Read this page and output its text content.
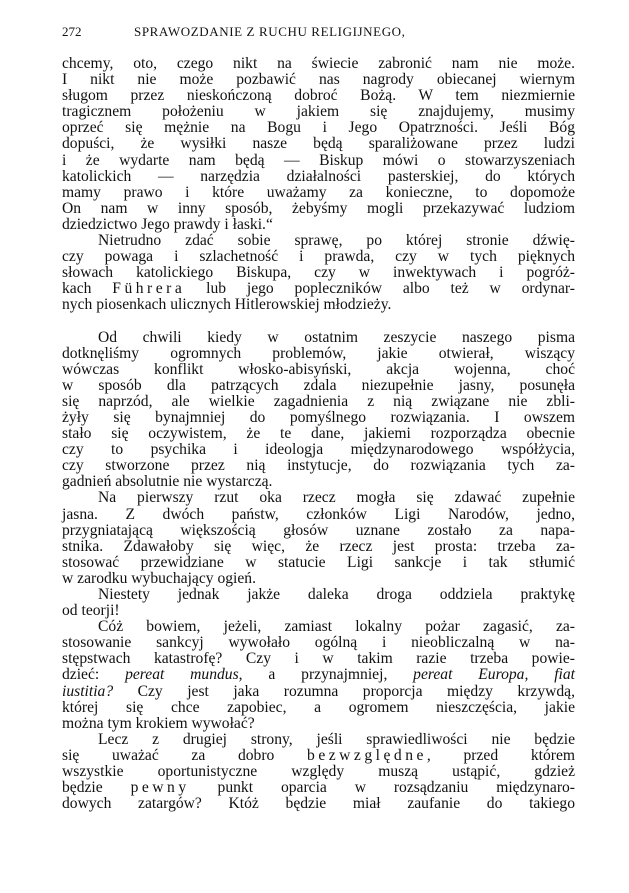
272	SPRAWOZDANIE Z RUCHU RELIGIJNEGO,
chcemy, oto, czego nikt na świecie zabronić nam nie może.
I nikt nie może pozbawić nas nagrody obiecanej wiernym
sługom przez nieskończoną dobroć Bożą. W tem niezmiernie
tragicznem położeniu w jakiem się znajdujemy, musimy
oprzeć się mężnie na Bogu i Jego Opatrzności. Jeśli Bóg
dopuści, że wysiłki nasze będą sparaliżowane przez ludzi
i że wydarte nam będą — Biskup mówi o stowarzyszeniach
katolickich — narzędzia działalności pasterskiej, do których
mamy prawo i które uważamy za konieczne, to dopomoże
On nam w inny sposób, żebyśmy mogli przekazywać ludziom
dziedzictwo Jego prawdy i łaski.“
Nietrudno zdać sobie sprawę, po której stronie dźwię-
czy powaga i szlachetność i prawda, czy w tych pięknych
słowach katolickiego Biskupa, czy w inwektywach i pogróż-
kach Führera lub jego popleczników albo też w ordynar-
nych piosenkach ulicznych Hitlerowskiej młodzieży.
Od chwili kiedy w ostatnim zeszycie naszego pisma
dotknęliśmy ogromnych problemów, jakie otwierał, wiszący
wówczas konflikt włosko-abisyński, akcja wojenna, choć
w sposób dla patrzących zdala niezupełnie jasny, posunęła
się naprzód, ale wielkie zagadnienia z nią związane nie zbli-
żyły się bynajmniej do pomyślnego rozwiązania. I owszem
stało się oczywistem, że te dane, jakiemi rozporządza obecnie
czy to psychika i ideologja międzynarodowego współżycia,
czy stworzone przez nią instytucje, do rozwiązania tych za-
gadnień absolutnie nie wystarczą.
Na pierwszy rzut oka rzecz mogła się zdawać zupełnie
jasna. Z dwóch państw, członków Ligi Narodów, jedno,
przygniatającą większością głosów uznane zostało za napa-
stnika. Zdawałoby się więc, że rzecz jest prosta: trzeba za-
stosować przewidziane w statucie Ligi sankcje i tak stłumić
w zarodku wybuchający ogień.
Niestety jednak jakże daleka droga oddziela praktykę
od teorji!
Cóż bowiem, jeżeli, zamiast lokalny pożar zagasić, za-
stosowanie sankcyj wywołało ogólną i nieobliczalną w na-
stępstwach katastrofę? Czy i w takim razie trzeba powie-
dzieć: pereat mundus, a przynajmniej, pereat Europa, fiat
iustitia? Czy jest jaka rozumna proporcja między krzywdą,
której się chce zapobiec, a ogromem nieszczęścia, jakie
można tym krokiem wywołać?
Lecz z drugiej strony, jeśli sprawiedliwości nie będzie
się uważać za dobro bezwzględne, przed którem
wszystkie oportunistyczne względy muszą ustąpić, gdzież
będzie pewny punkt oparcia w rozsądzaniu międzynaro-
dowych zatargów? Któż będzie miał zaufanie do takiego
